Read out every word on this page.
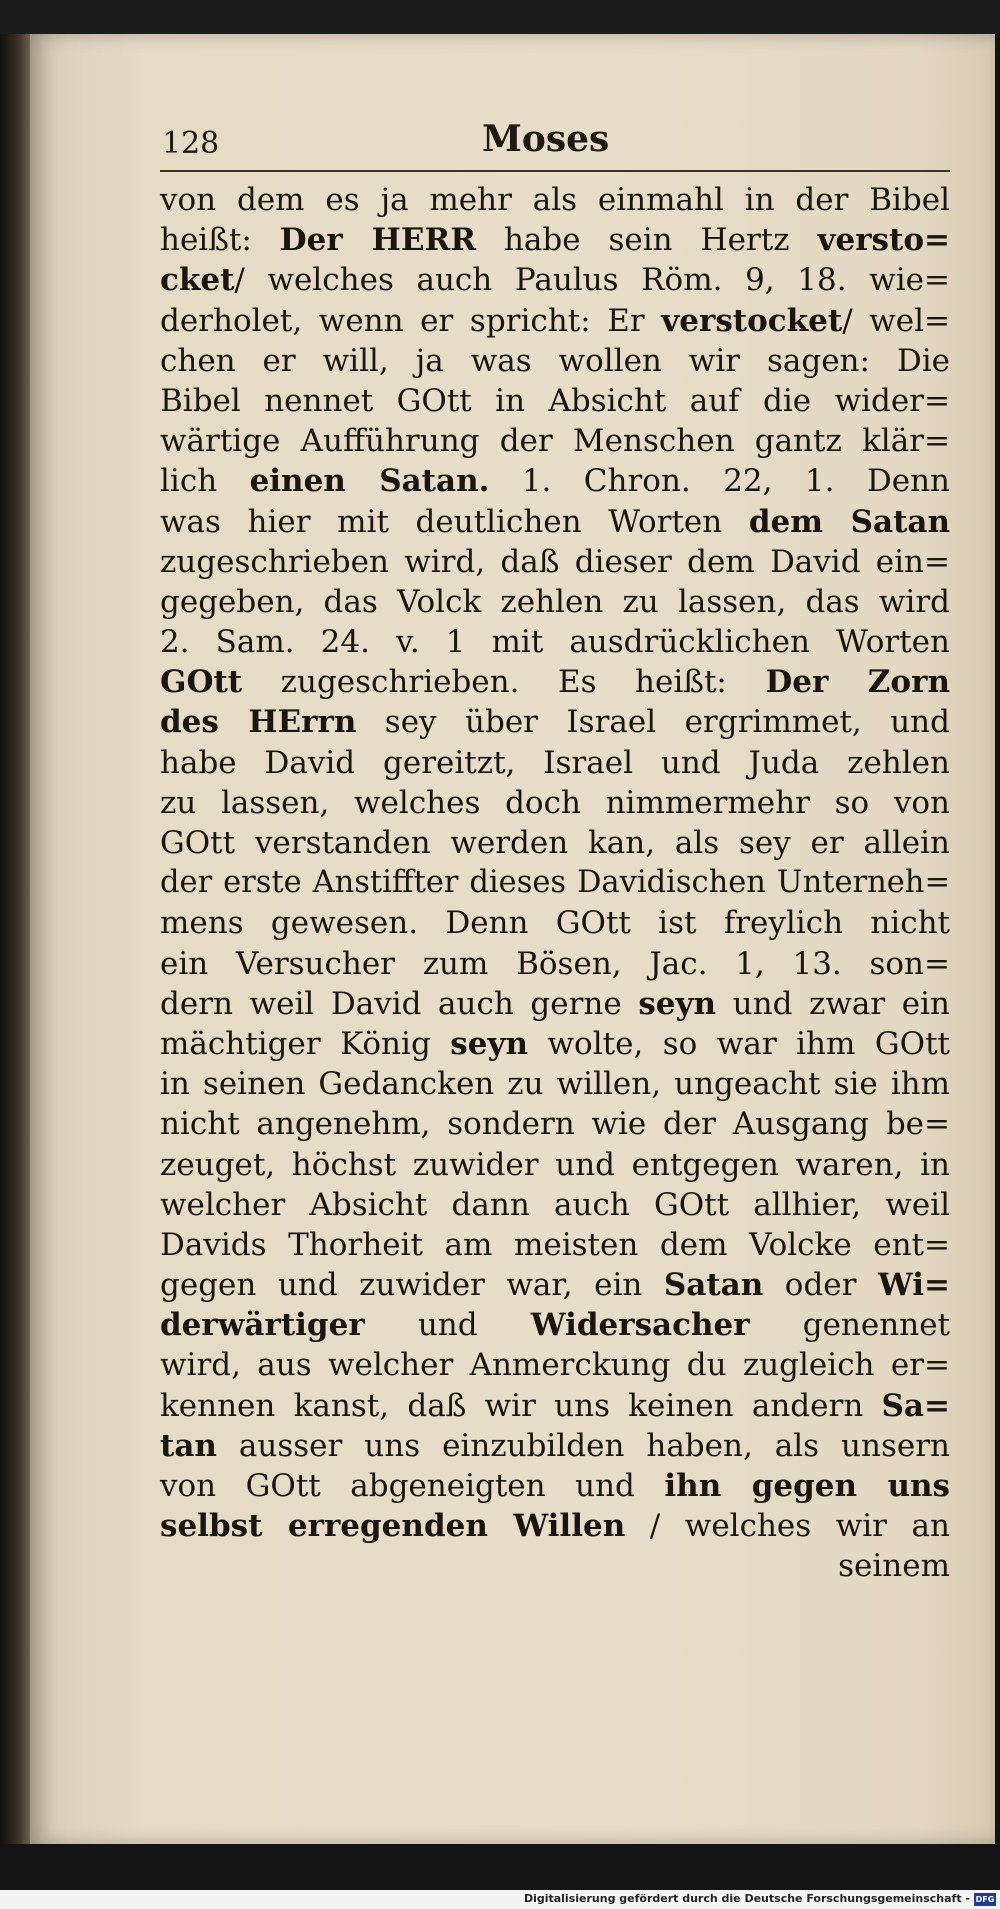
128	Moses
von dem es ja mehr als einmahl in der Bibel
heißt: Der HERR habe sein Hertz versto=
cket/ welches auch Paulus Röm. 9, 18. wie=
derholet, wenn er spricht: Er verstocket/ wel=
chen er will, ja was wollen wir sagen: Die
Bibel nennet GOtt in Absicht auf die wider=
wärtige Aufführung der Menschen gantz klär=
lich einen Satan. 1. Chron. 22, 1. Denn
was hier mit deutlichen Worten dem Satan
zugeschrieben wird, daß dieser dem David ein=
gegeben, das Volck zehlen zu lassen, das wird
2. Sam. 24. v. 1 mit ausdrücklichen Worten
GOtt zugeschrieben. Es heißt: Der Zorn
des HErrn sey über Israel ergrimmet, und
habe David gereitzt, Israel und Juda zehlen
zu lassen, welches doch nimmermehr so von
GOtt verstanden werden kan, als sey er allein
der erste Anstiffter dieses Davidischen Unterneh=
mens gewesen. Denn GOtt ist freylich nicht
ein Versucher zum Bösen, Jac. 1, 13. son=
dern weil David auch gerne seyn und zwar ein
mächtiger König seyn wolte, so war ihm GOtt
in seinen Gedancken zu willen, ungeacht sie ihm
nicht angenehm, sondern wie der Ausgang be=
zeuget, höchst zuwider und entgegen waren, in
welcher Absicht dann auch GOtt allhier, weil
Davids Thorheit am meisten dem Volcke ent=
gegen und zuwider war, ein Satan oder Wi=
derwärtiger und Widersacher genennet
wird, aus welcher Anmerckung du zugleich er=
kennen kanst, daß wir uns keinen andern Sa=
tan ausser uns einzubilden haben, als unsern
von GOtt abgeneigten und ihn gegen uns
selbst erregenden Willen / welches wir an
seinem
Digitalisierung gefördert durch die Deutsche Forschungsgemeinschaft - DFG
